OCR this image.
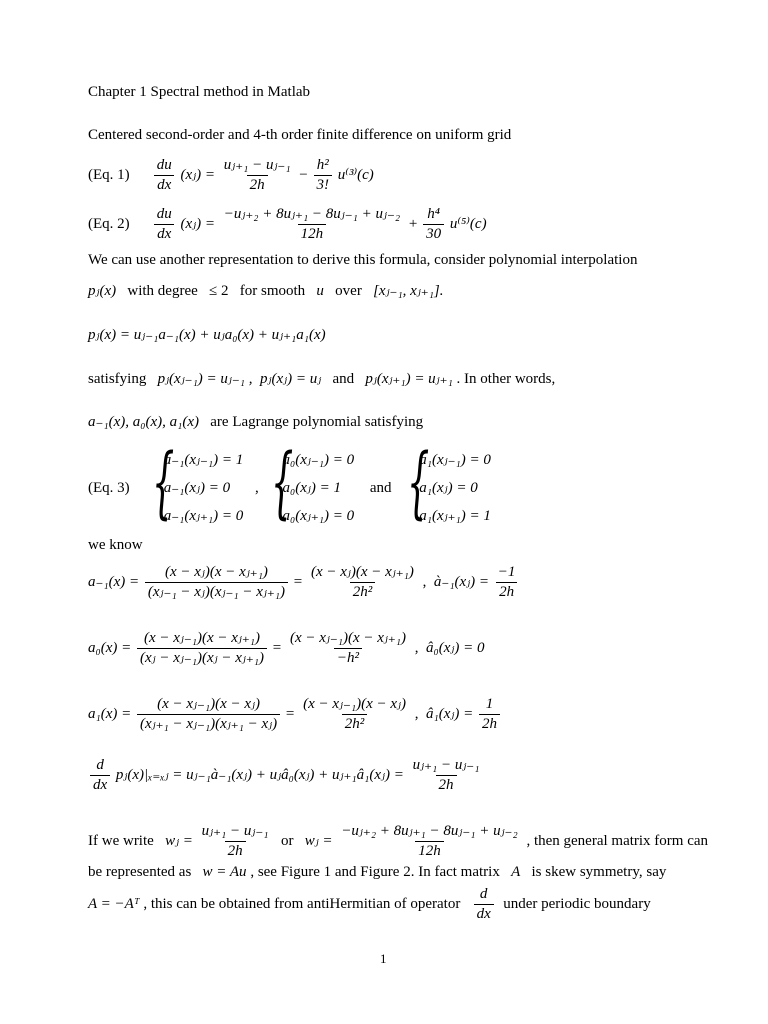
Chapter 1 Spectral method in Matlab
Centered second-order and 4-th order finite difference on uniform grid
(Eq. $1) \frac{du}{dx}$ (xⱼ) = $\frac{\text{uⱼ₊₁ − uⱼ₋₁}}{2h} - \frac{\text{h²}}{3!} u^{(3)}(c)$
(Eq. $2) \frac{du}{dx}$ (xⱼ) = $\frac{\text{−uⱼ₊₂ + 8uⱼ₊₁ − 8uⱼ₋₁ + uⱼ₋₂}}{12h} + \frac{\text{h⁴}}{30} u^{(5)}(c)$
We can use another representation to derive this formula, consider polynomial interpolation
pⱼ(x) with degree ≤ 2 for smooth u over [xⱼ₋₁, xⱼ₊₁].
pⱼ(x) = uⱼ₋₁a₋₁(x) + uⱼa₀(x) + uⱼ₊₁a₁(x)
satisfying pⱼ(xⱼ₋₁) = uⱼ₋₁ , pⱼ(xⱼ) = uⱼ and pⱼ(xⱼ₊₁) = uⱼ₊₁ . In other words,
a₋₁(x), a₀(x), a₁(x) are Lagrange polynomial satisfying
(Eq. 3) {
a₋₁(xⱼ₋₁) = 1
a₋₁(xⱼ) = 0
a₋₁(xⱼ₊₁) = 0
, {
a₀(xⱼ₋₁) = 0
a₀(xⱼ) = 1
a₀(xⱼ₊₁) = 0
and {
a₁(xⱼ₋₁) = 0
a₁(xⱼ) = 0
a₁(xⱼ₊₁) = 1
we know
$a_{-1}(x) = \frac{\text{(x − xⱼ)(x − xⱼ₊₁)}}{\text{(xⱼ₋₁ − xⱼ)(xⱼ₋₁ − xⱼ₊₁)}} = \frac{\text{(x − xⱼ)(x − xⱼ₊₁)}}{\text{2h²}}$ , à₋₁(xⱼ) = $\frac{-1}{2h}$
$a_0(x) = \frac{\text{(x − xⱼ₋₁)(x − xⱼ₊₁)}}{\text{(xⱼ − xⱼ₋₁)(xⱼ − xⱼ₊₁)}} = \frac{\text{(x − xⱼ₋₁)(x − xⱼ₊₁)}}{\text{−h²}}$ , â₀(xⱼ) = 0
$a_1(x) = \frac{\text{(x − xⱼ₋₁)(x − xⱼ)}}{\text{(xⱼ₊₁ − xⱼ₋₁)(xⱼ₊₁ − xⱼ)}} = \frac{\text{(x − xⱼ₋₁)(x − xⱼ)}}{\text{2h²}}$ , â₁(xⱼ) = $\frac{1}{2h}$
$\frac{d}{dx}$ pⱼ(x)|ₓ₌ₓⱼ = uⱼ₋₁à₋₁(xⱼ) + uⱼâ₀(xⱼ) + uⱼ₊₁â₁(xⱼ) = $\frac{\text{uⱼ₊₁ − uⱼ₋₁}}{2h}$
If we write wⱼ = $\frac{\text{uⱼ₊₁ − uⱼ₋₁}}{2h}$ or wⱼ = $\frac{\text{−uⱼ₊₂ + 8uⱼ₊₁ − 8uⱼ₋₁ + uⱼ₋₂}}{12h}$ , then general matrix form can
be represented as w = Au , see Figure 1 and Figure 2. In fact matrix A is skew symmetry, say
A = −Aᵀ , this can be obtained from antiHermitian of operator $\frac{d}{dx}$ under periodic boundary
1
